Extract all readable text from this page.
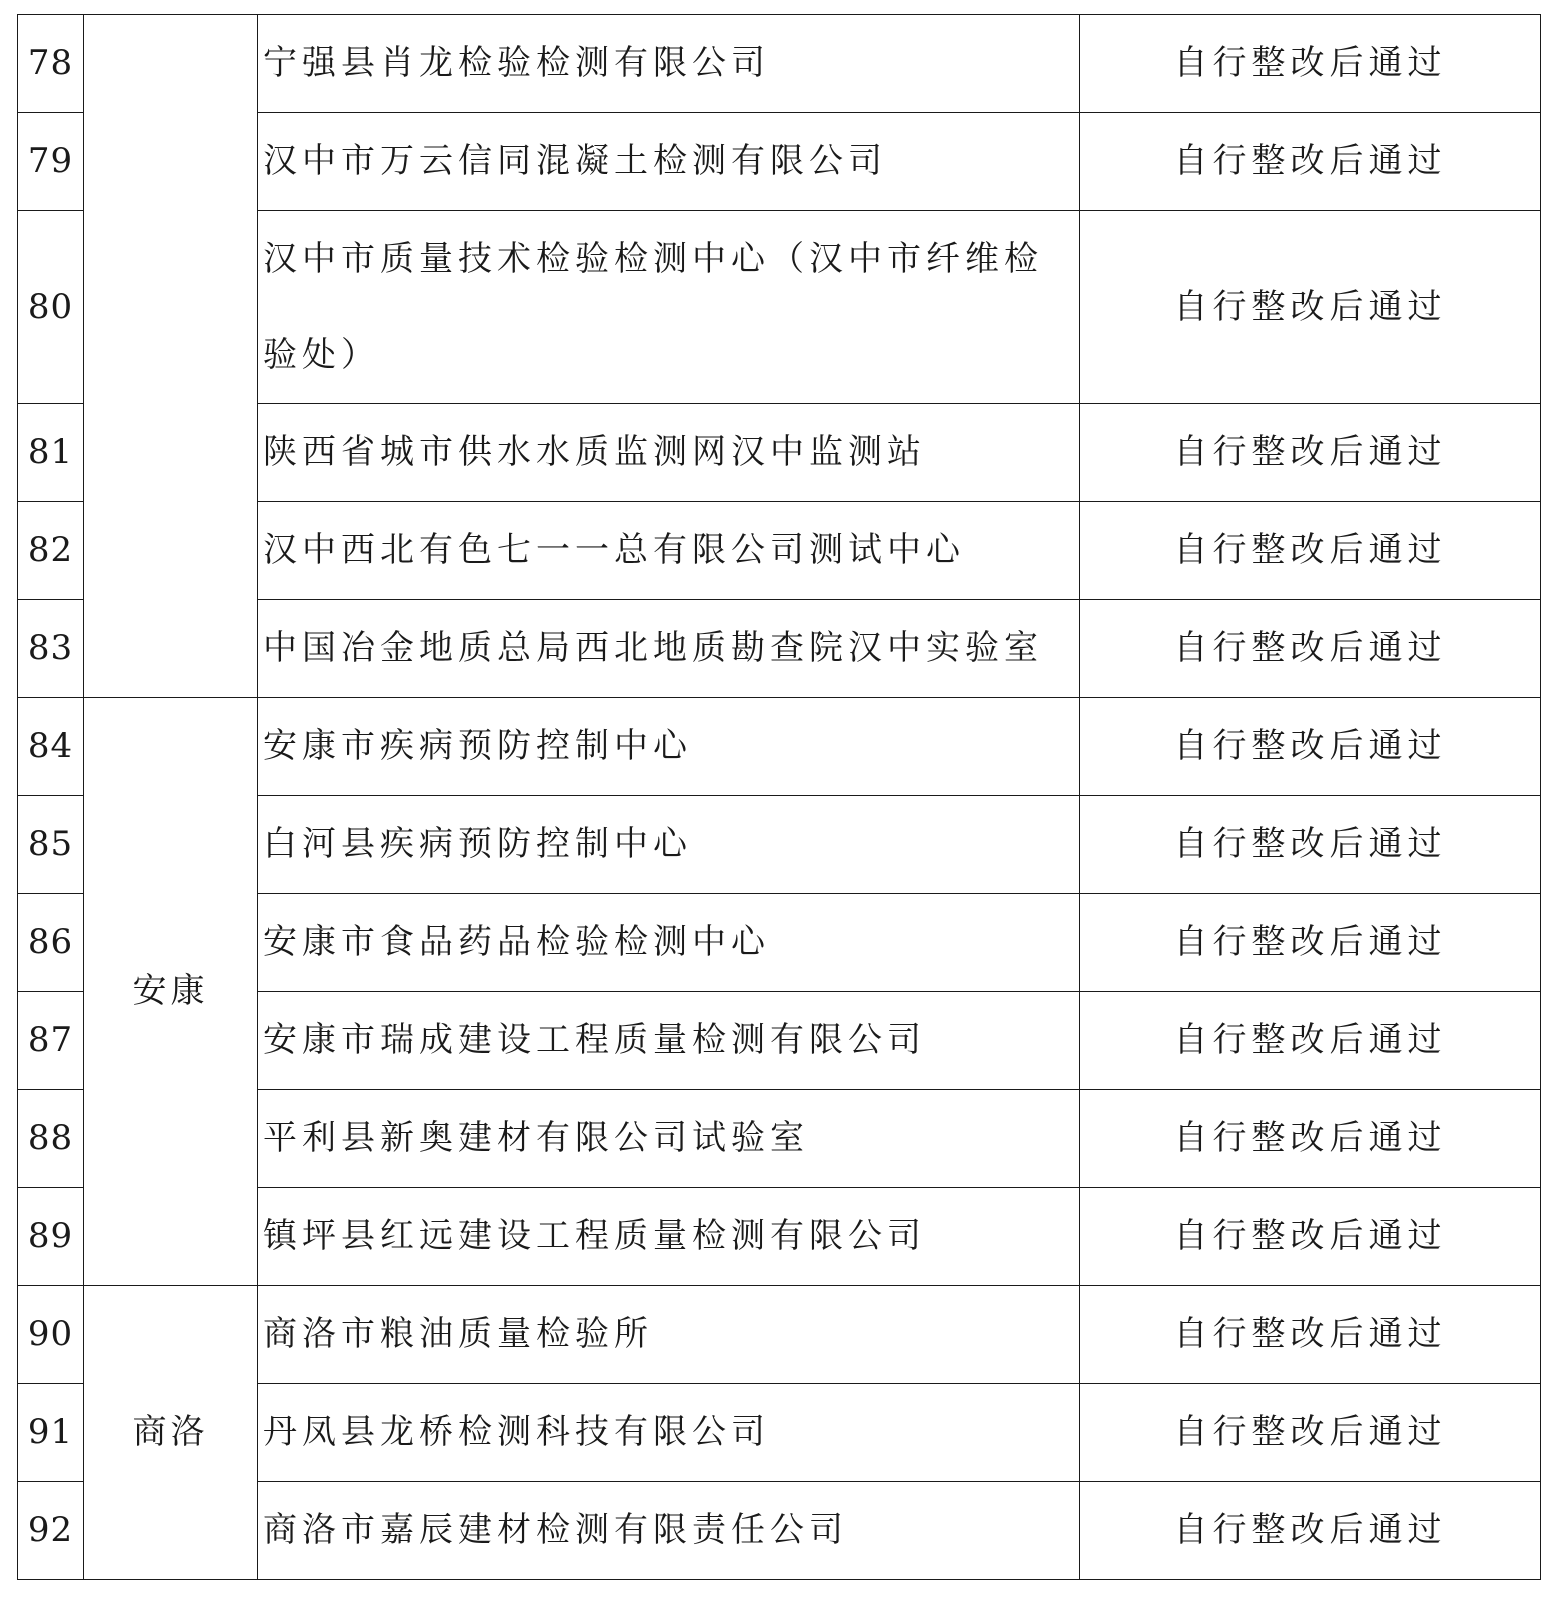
78		宁强县肖龙检验检测有限公司	自行整改后通过
79		汉中市万云信同混凝土检测有限公司	自行整改后通过
80		汉中市质量技术检验检测中心（汉中市纤维检验处）	自行整改后通过
81		陕西省城市供水水质监测网汉中监测站	自行整改后通过
82		汉中西北有色七一一总有限公司测试中心	自行整改后通过
83		中国冶金地质总局西北地质勘查院汉中实验室	自行整改后通过
84	安康	安康市疾病预防控制中心	自行整改后通过
85		白河县疾病预防控制中心	自行整改后通过
86		安康市食品药品检验检测中心	自行整改后通过
87		安康市瑞成建设工程质量检测有限公司	自行整改后通过
88		平利县新奥建材有限公司试验室	自行整改后通过
89		镇坪县红远建设工程质量检测有限公司	自行整改后通过
90	商洛	商洛市粮油质量检验所	自行整改后通过
91		丹凤县龙桥检测科技有限公司	自行整改后通过
92		商洛市嘉辰建材检测有限责任公司	自行整改后通过
